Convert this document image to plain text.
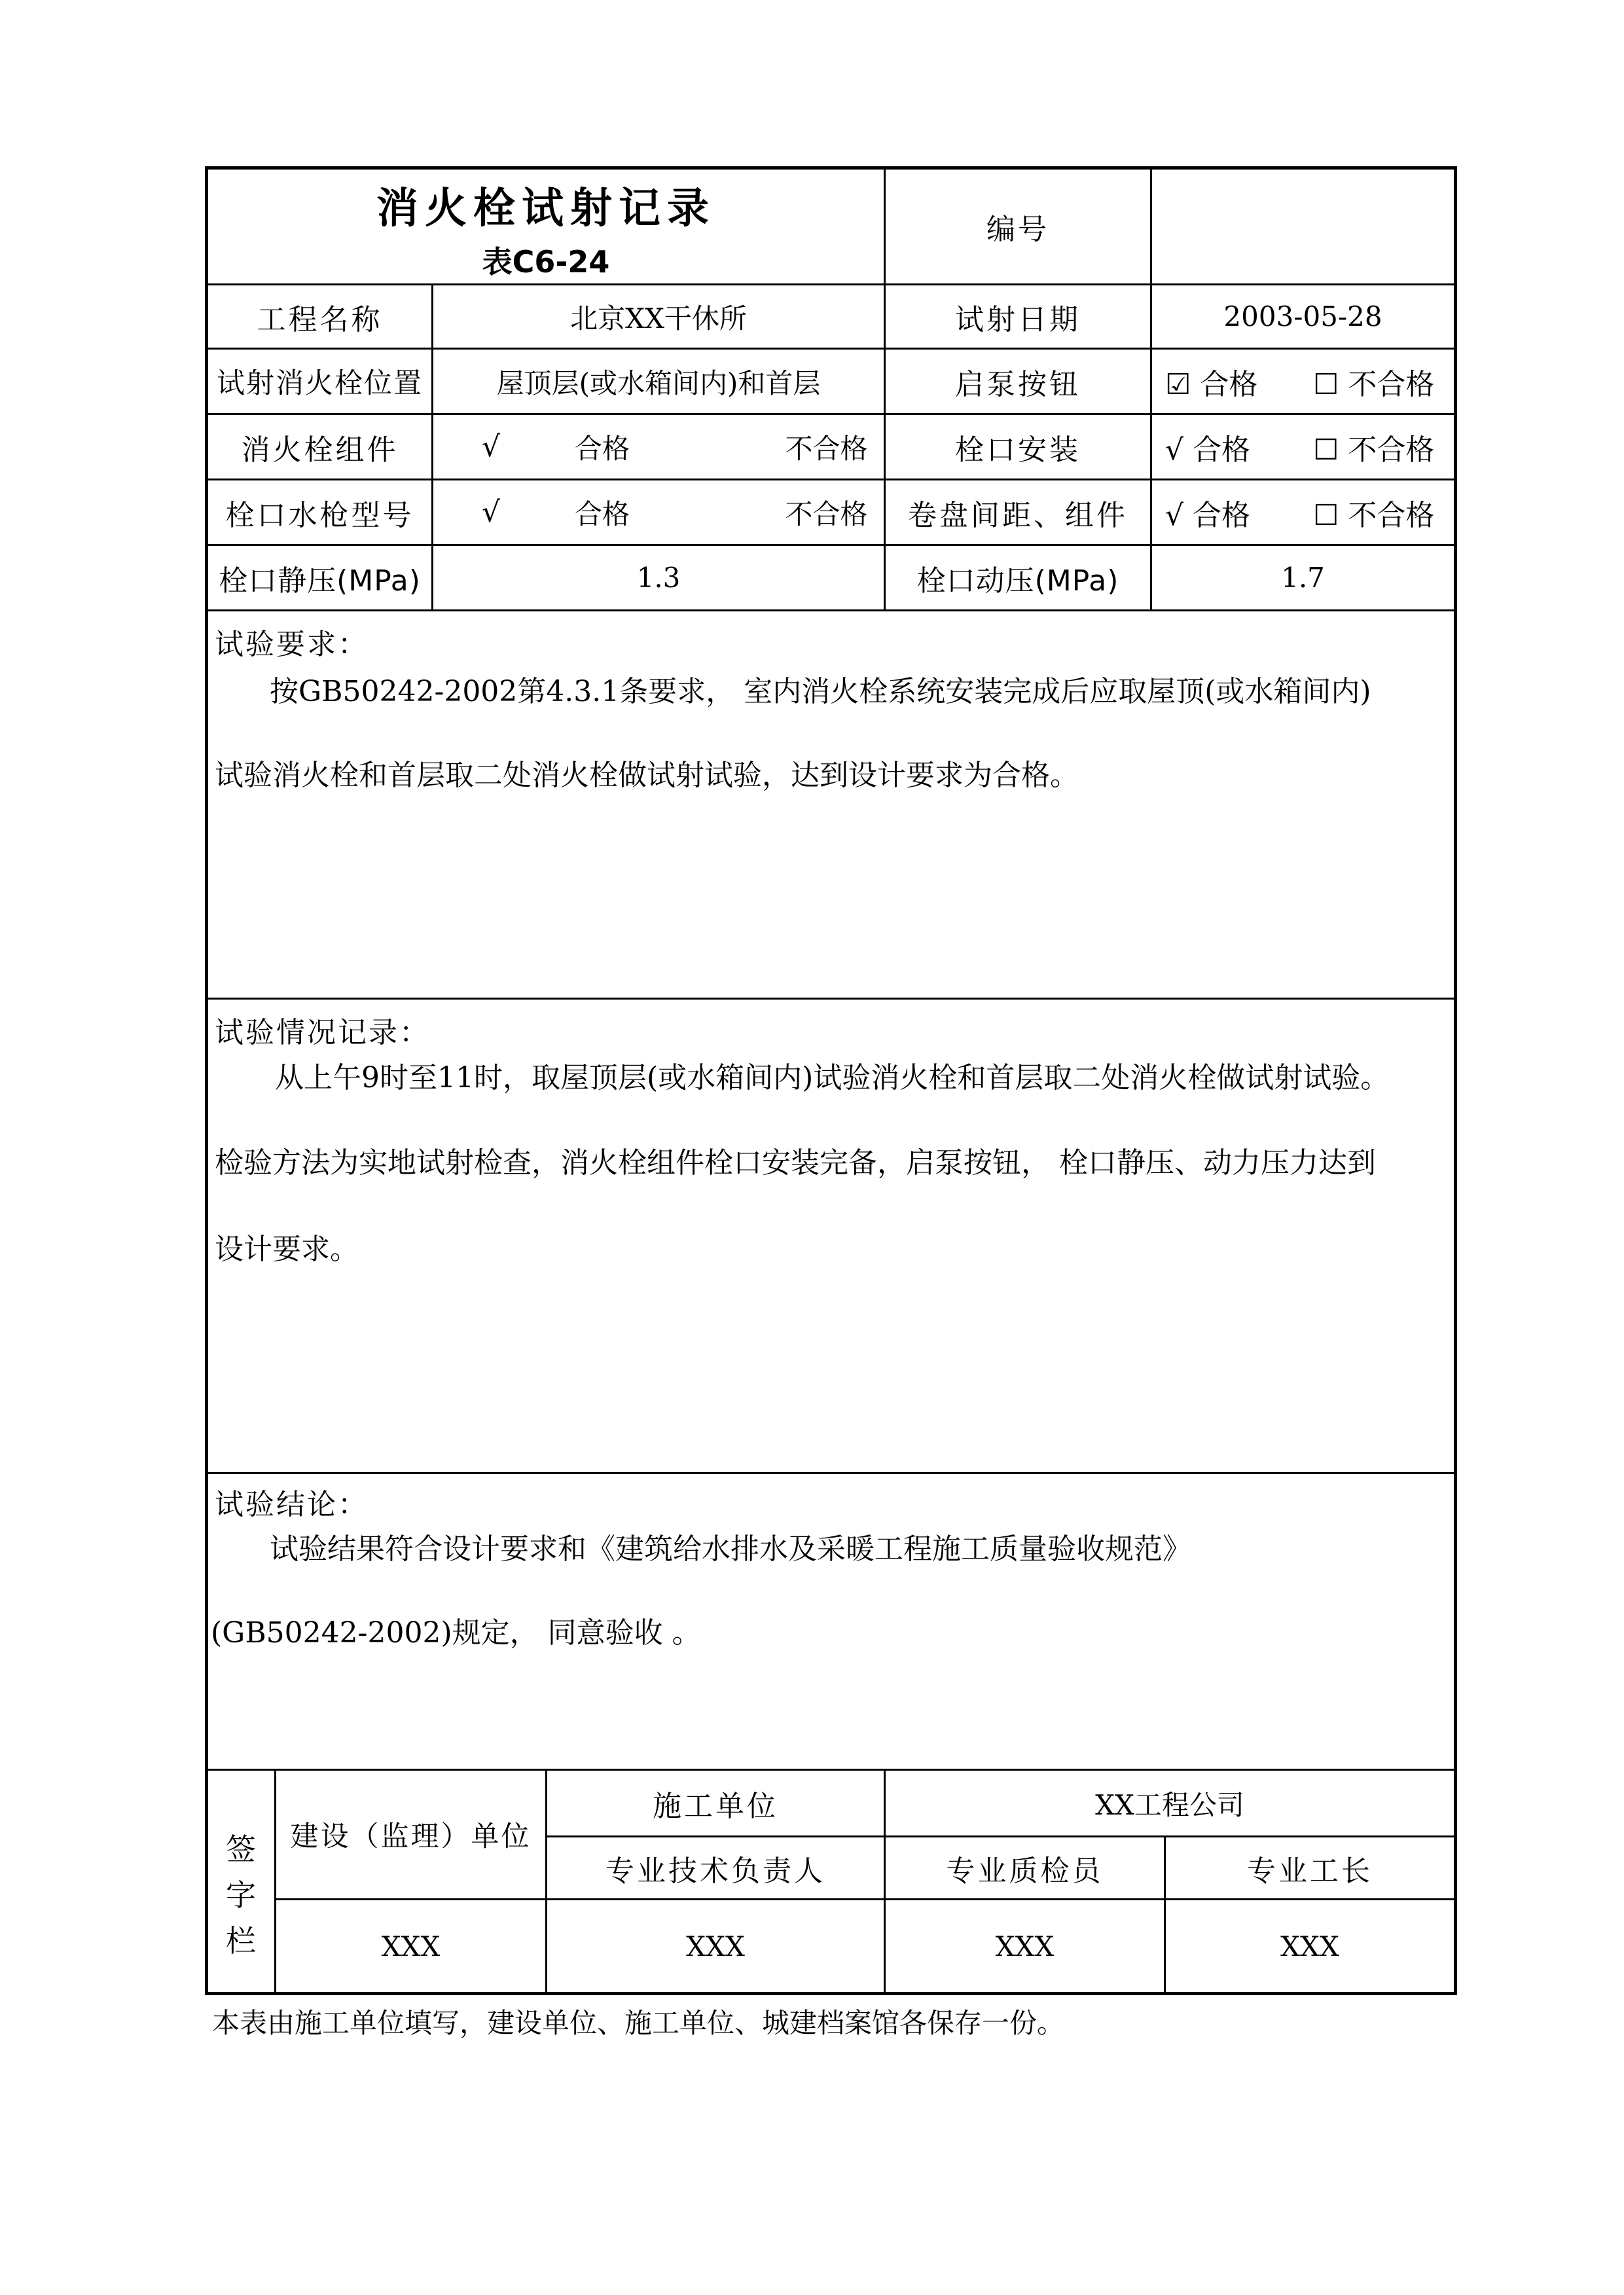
消火栓试射记录
表C6-24
编号
工程名称	北京XX干休所	试射日期	2003-05-28
试射消火栓位置	屋顶层(或水箱间内)和首层	启泵按钮	☑ 合格	☐ 不合格
消火栓组件	√	合格	不合格	栓口安装	√ 合格	☐ 不合格
栓口水枪型号	√	合格	不合格	卷盘间距、组件	√ 合格	☐ 不合格
栓口静压(MPa)	1.3	栓口动压(MPa)	1.7
试验要求：
按GB50242-2002第4.3.1条要求， 室内消火栓系统安装完成后应取屋顶(或水箱间内)
试验消火栓和首层取二处消火栓做试射试验，达到设计要求为合格。
试验情况记录：
从上午9时至11时，取屋顶层(或水箱间内)试验消火栓和首层取二处消火栓做试射试验。
检验方法为实地试射检查，消火栓组件栓口安装完备，启泵按钮， 栓口静压、动力压力达到
设计要求。
试验结论：
试验结果符合设计要求和《建筑给水排水及采暖工程施工质量验收规范》
(GB50242-2002)规定， 同意验收 。
签
字
栏
建设（监理）单位
施工单位	XX工程公司
专业技术负责人	专业质检员	专业工长
XXX	XXX	XXX	XXX
本表由施工单位填写，建设单位、施工单位、城建档案馆各保存一份。
